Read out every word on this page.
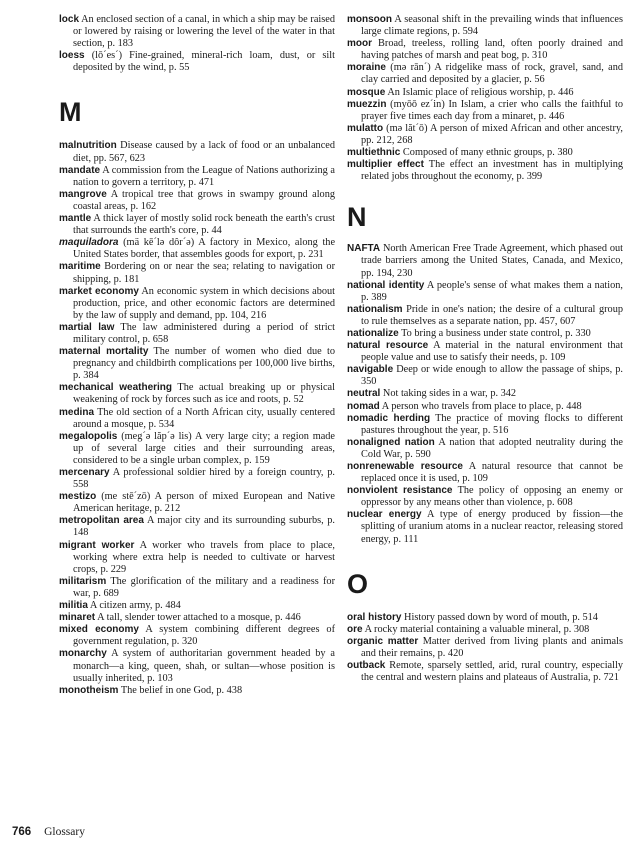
lock An enclosed section of a canal, in which a ship may be raised or lowered by raising or lowering the level of the water in that section, p. 183

loess (lō´es´) Fine-grained, mineral-rich loam, dust, or silt deposited by the wind, p. 55

M

malnutrition Disease caused by a lack of food or an unbalanced diet, pp. 567, 623

mandate A commission from the League of Nations authorizing a nation to govern a territory, p. 471

mangrove A tropical tree that grows in swampy ground along coastal areas, p. 162

mantle A thick layer of mostly solid rock beneath the earth's crust that surrounds the earth's core, p. 44

maquiladora (mä kē´lə dôr´ə) A factory in Mexico, along the United States border, that assembles goods for export, p. 231

maritime Bordering on or near the sea; relating to navigation or shipping, p. 181

market economy An economic system in which decisions about production, price, and other economic factors are determined by the law of supply and demand, pp. 104, 216

martial law The law administered during a period of strict military control, p. 658

maternal mortality The number of women who died due to pregnancy and childbirth complications per 100,000 live births, p. 384

mechanical weathering The actual breaking up or physical weakening of rock by forces such as ice and roots, p. 52

medina The old section of a North African city, usually centered around a mosque, p. 534

megalopolis (meg´ə lăp´ə lis) A very large city; a region made up of several large cities and their surrounding areas, considered to be a single urban complex, p. 159

mercenary A professional soldier hired by a foreign country, p. 558

mestizo (me stē´zō) A person of mixed European and Native American heritage, p. 212

metropolitan area A major city and its surrounding suburbs, p. 148

migrant worker A worker who travels from place to place, working where extra help is needed to cultivate or harvest crops, p. 229

militarism The glorification of the military and a readiness for war, p. 689

militia A citizen army, p. 484

minaret A tall, slender tower attached to a mosque, p. 446

mixed economy A system combining different degrees of government regulation, p. 320

monarchy A system of authoritarian government headed by a monarch—a king, queen, shah, or sultan—whose position is usually inherited, p. 103

monotheism The belief in one God, p. 438

monsoon A seasonal shift in the prevailing winds that influences large climate regions, p. 594

moor Broad, treeless, rolling land, often poorly drained and having patches of marsh and peat bog, p. 310

moraine (mə rān´) A ridgelike mass of rock, gravel, sand, and clay carried and deposited by a glacier, p. 56

mosque An Islamic place of religious worship, p. 446

muezzin (myōō ez´in) In Islam, a crier who calls the faithful to prayer five times each day from a minaret, p. 446

mulatto (mə lăt´ō) A person of mixed African and other ancestry, pp. 212, 268

multiethnic Composed of many ethnic groups, p. 380

multiplier effect The effect an investment has in multiplying related jobs throughout the economy, p. 399

N

NAFTA North American Free Trade Agreement, which phased out trade barriers among the United States, Canada, and Mexico, pp. 194, 230

national identity A people's sense of what makes them a nation, p. 389

nationalism Pride in one's nation; the desire of a cultural group to rule themselves as a separate nation, pp. 457, 607

nationalize To bring a business under state control, p. 330

natural resource A material in the natural environment that people value and use to satisfy their needs, p. 109

navigable Deep or wide enough to allow the passage of ships, p. 350

neutral Not taking sides in a war, p. 342

nomad A person who travels from place to place, p. 448

nomadic herding The practice of moving flocks to different pastures throughout the year, p. 516

nonaligned nation A nation that adopted neutrality during the Cold War, p. 590

nonrenewable resource A natural resource that cannot be replaced once it is used, p. 109

nonviolent resistance The policy of opposing an enemy or oppressor by any means other than violence, p. 608

nuclear energy A type of energy produced by fission—the splitting of uranium atoms in a nuclear reactor, releasing stored energy, p. 111

O

oral history History passed down by word of mouth, p. 514

ore A rocky material containing a valuable mineral, p. 308

organic matter Matter derived from living plants and animals and their remains, p. 420

outback Remote, sparsely settled, arid, rural country, especially the central and western plains and plateaus of Australia, p. 721

766 Glossary
